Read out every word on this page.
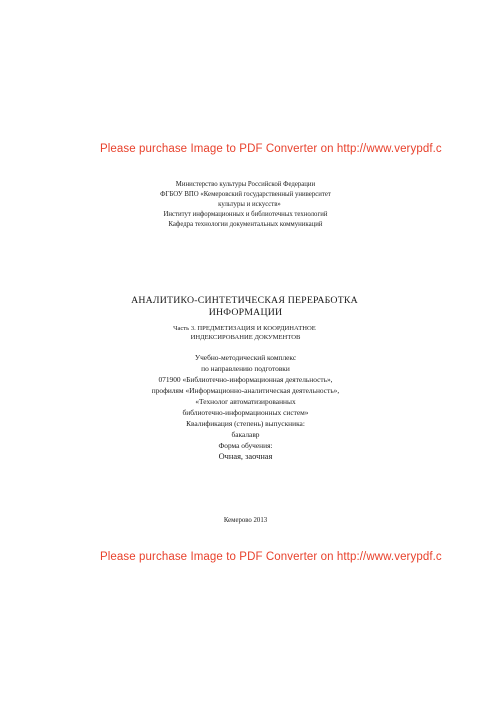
Please purchase Image to PDF Converter on http://www.verypdf.c
Министерство культуры Российской Федерации
ФГБОУ ВПО «Кемеровский государственный университет
культуры и искусств»
Институт информационных и библиотечных технологий
Кафедра технологии документальных коммуникаций
АНАЛИТИКО-СИНТЕТИЧЕСКАЯ ПЕРЕРАБОТКА
ИНФОРМАЦИИ
Часть 3. ПРЕДМЕТИЗАЦИЯ И КООРДИНАТНОЕ
ИНДЕКСИРОВАНИЕ ДОКУМЕНТОВ
Учебно-методический комплекс
по направлению подготовки
071900 «Библиотечно-информационная деятельность»,
профилям «Информационно-аналитическая деятельность»,
«Технолог автоматизированных
библиотечно-информационных систем»
Квалификация (степень) выпускника:
бакалавр
Форма обучения:
Очная, заочная
Кемерово 2013
Please purchase Image to PDF Converter on http://www.verypdf.c
